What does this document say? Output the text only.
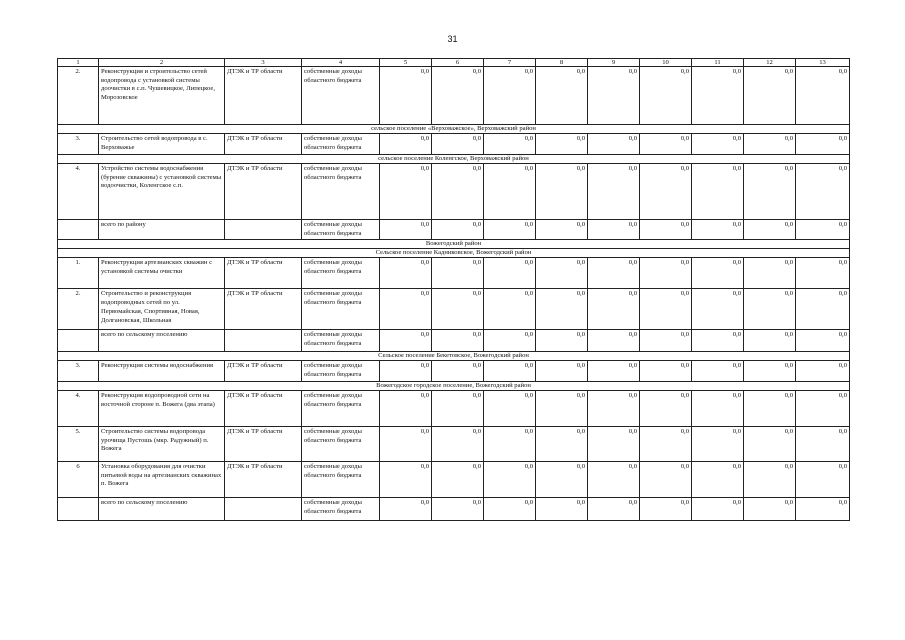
31
1	2	3	4	5	6	7	8	9	10	11	12	13
2.	Реконструкция и строительство сетей водопровода с установкой системы доочистки в с.п. Чушевицкое, Липецкое, Морозовское	ДТЭК и ТР области	собственные доходы областного бюджета	0,0	0,0	0,0	0,0	0,0	0,0	0,0	0,0	0,0
сельское поселение «Верховажское», Верховажский район												
3.	Строительство сетей водопровода в с. Верховажье	ДТЭК и ТР области	собственные доходы областного бюджета	0,0	0,0	0,0	0,0	0,0	0,0	0,0	0,0	0,0
сельское поселение Коленгское, Верховажский район												
4.	Устройство системы водоснабжения (бурение скважины) с установкой системы водоочистки, Коленгское с.п.	ДТЭК и ТР области	собственные доходы областного бюджета	0,0	0,0	0,0	0,0	0,0	0,0	0,0	0,0	0,0
	всего по району		собственные доходы областного бюджета	0,0	0,0	0,0	0,0	0,0	0,0	0,0	0,0	0,0
Вожегодский район												
Сельское поселение Кадниковское, Вожегодский район												
1.	Реконструкция артезианских скважин с установкой системы очистки	ДТЭК и ТР области	собственные доходы областного бюджета	0,0	0,0	0,0	0,0	0,0	0,0	0,0	0,0	0,0
2.	Строительство и реконструкция водопроводных сетей по ул. Первомайская, Спортивная, Новая, Долгановская, Школьная	ДТЭК и ТР области	собственные доходы областного бюджета	0,0	0,0	0,0	0,0	0,0	0,0	0,0	0,0	0,0
	всего по сельскому поселению		собственные доходы областного бюджета	0,0	0,0	0,0	0,0	0,0	0,0	0,0	0,0	0,0
Сельское поселение Бекетовское, Вожегодский район												
3.	Реконструкция системы водоснабжения	ДТЭК и ТР области	собственные доходы областного бюджета	0,0	0,0	0,0	0,0	0,0	0,0	0,0	0,0	0,0
Вожегодское городское поселение, Вожегодский район												
4.	Реконструкция водопроводной сети на восточной стороне п. Вожега (два этапа)	ДТЭК и ТР области	собственные доходы областного бюджета	0,0	0,0	0,0	0,0	0,0	0,0	0,0	0,0	0,0
5.	Строительство системы водопровода урочища Пустошь (мкр. Радужный) п. Вожега	ДТЭК и ТР области	собственные доходы областного бюджета	0,0	0,0	0,0	0,0	0,0	0,0	0,0	0,0	0,0
6	Установка оборудования для очистки питьевой воды на артезианских скважинах п. Вожега	ДТЭК и ТР области	собственные доходы областного бюджета	0,0	0,0	0,0	0,0	0,0	0,0	0,0	0,0	0,0
	всего по сельскому поселению		собственные доходы областного бюджета	0,0	0,0	0,0	0,0	0,0	0,0	0,0	0,0	0,0
